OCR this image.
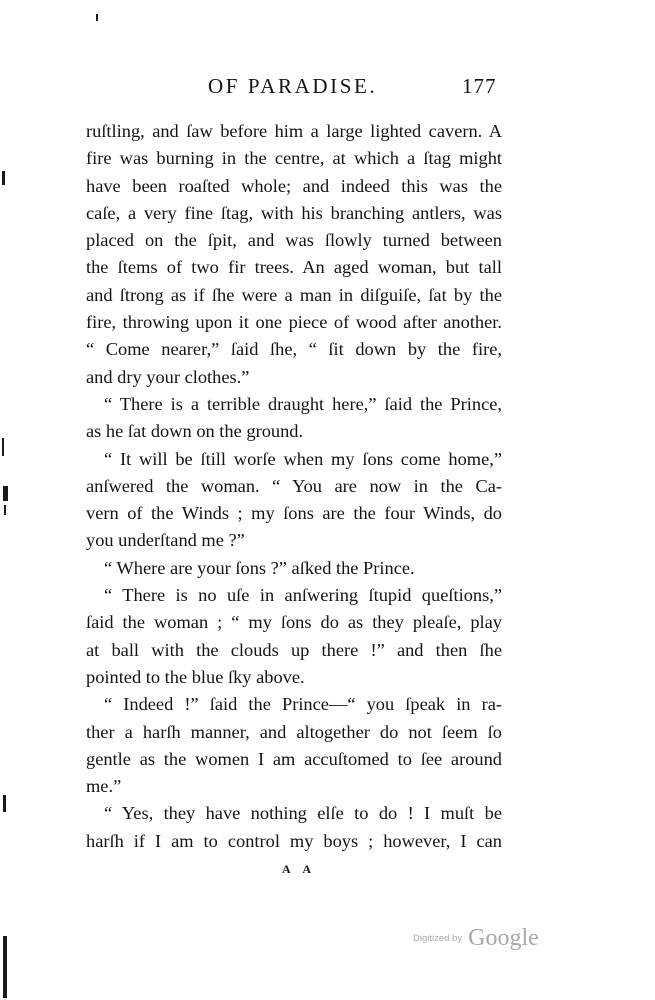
OF PARADISE.	177
ruſtling, and ſaw before him a large lighted cavern. A
fire was burning in the centre, at which a ſtag might
have been roaſted whole; and indeed this was the
caſe, a very fine ſtag, with his branching antlers, was
placed on the ſpit, and was ſlowly turned between
the ſtems of two fir trees. An aged woman, but tall
and ſtrong as if ſhe were a man in diſguiſe, ſat by the
fire, throwing upon it one piece of wood after another.
“ Come nearer,” ſaid ſhe, “ ſit down by the fire,
and dry your clothes.”
“ There is a terrible draught here,” ſaid the Prince,
as he ſat down on the ground.
“ It will be ſtill worſe when my ſons come home,”
anſwered the woman. “ You are now in the Ca-
vern of the Winds ; my ſons are the four Winds, do
you underſtand me ?”
“ Where are your ſons ?” aſked the Prince.
“ There is no uſe in anſwering ſtupid queſtions,”
ſaid the woman ; “ my ſons do as they pleaſe, play
at ball with the clouds up there !” and then ſhe
pointed to the blue ſky above.
“ Indeed !” ſaid the Prince—“ you ſpeak in ra-
ther a harſh manner, and altogether do not ſeem ſo
gentle as the women I am accuſtomed to ſee around
me.”
“ Yes, they have nothing elſe to do ! I muſt be
harſh if I am to control my boys ; however, I can
A A
Digitized by Google
